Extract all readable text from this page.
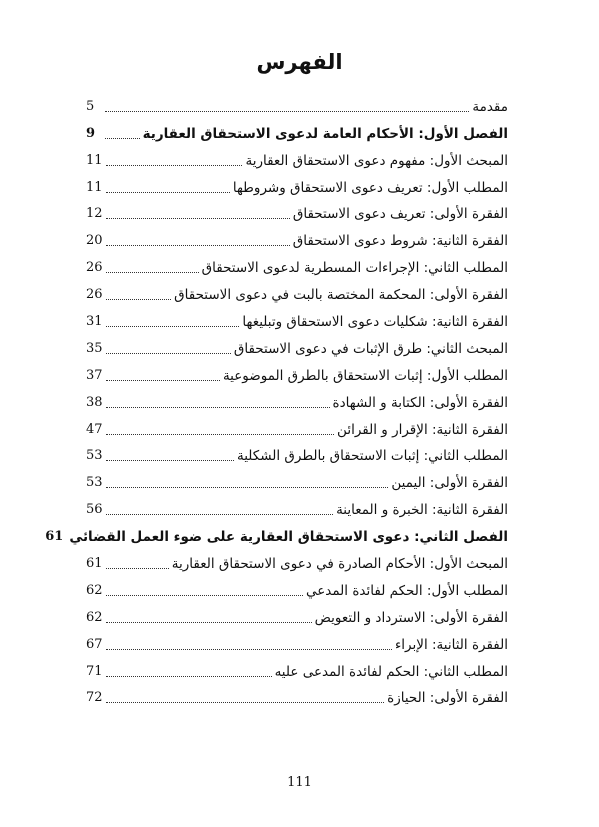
الفهرس
مقدمة
5
الفصل الأول: الأحكام العامة لدعوى الاستحقاق العقارية
9
المبحث الأول: مفهوم دعوى الاستحقاق العقارية
11
المطلب الأول: تعريف دعوى الاستحقاق وشروطها
11
الفقرة الأولى: تعريف دعوى الاستحقاق
12
الفقرة الثانية: شروط دعوى الاستحقاق
20
المطلب الثاني: الإجراءات المسطرية لدعوى الاستحقاق
26
الفقرة الأولى: المحكمة المختصة بالبت في دعوى الاستحقاق
26
الفقرة الثانية: شكليات دعوى الاستحقاق وتبليغها
31
المبحث الثاني: طرق الإثبات في دعوى الاستحقاق
35
المطلب الأول: إثبات الاستحقاق بالطرق الموضوعية
37
الفقرة الأولى: الكتابة و الشهادة
38
الفقرة الثانية: الإقرار و القرائن
47
المطلب الثاني: إثبات الاستحقاق بالطرق الشكلية
53
الفقرة الأولى: اليمين
53
الفقرة الثانية: الخبرة و المعاينة
56
الفصل الثاني: دعوى الاستحقاق العقارية على ضوء العمل القضائي
61
المبحث الأول: الأحكام الصادرة في دعوى الاستحقاق العقارية
61
المطلب الأول: الحكم لفائدة المدعي
62
الفقرة الأولى: الاسترداد و التعويض
62
الفقرة الثانية: الإبراء
67
المطلب الثاني: الحكم لفائدة المدعى عليه
71
الفقرة الأولى: الحيازة
72
111
